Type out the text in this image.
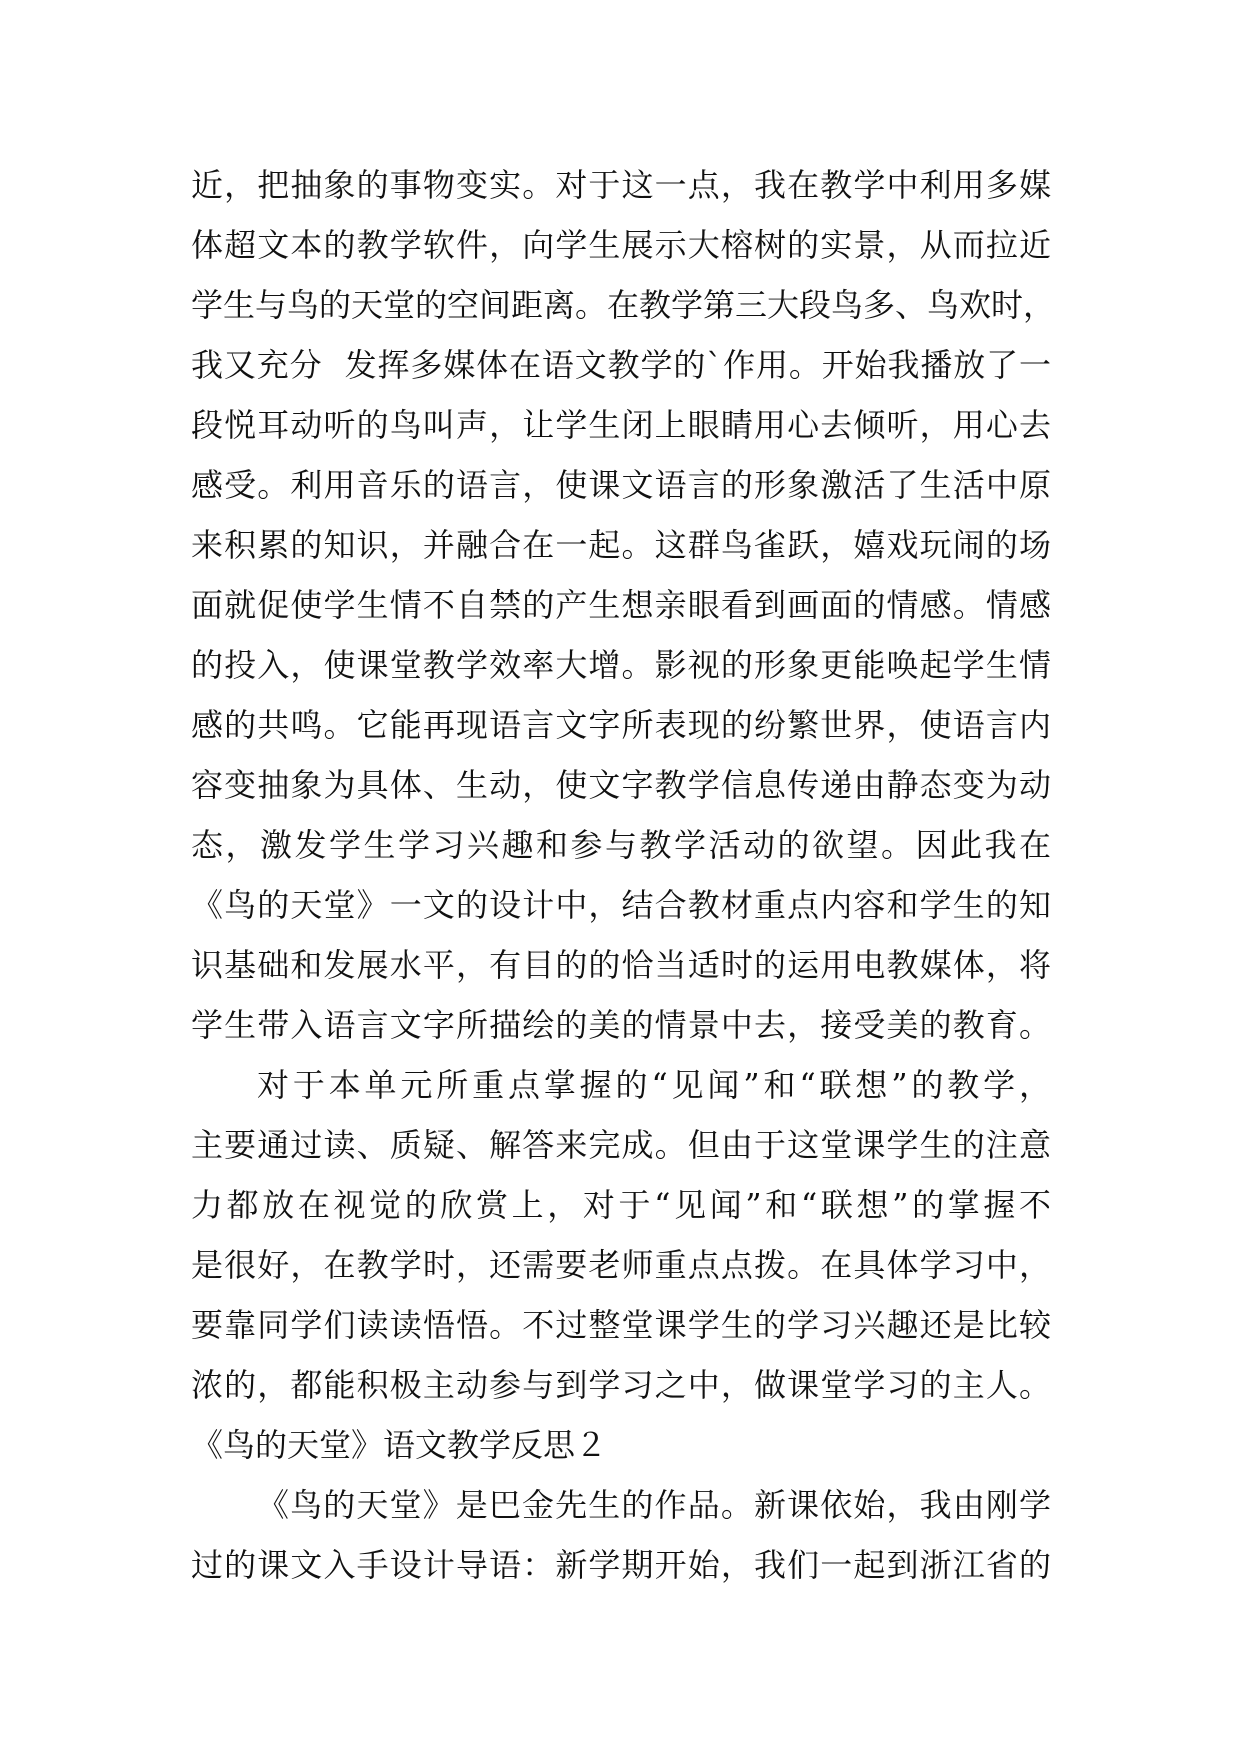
近，把抽象的事物变实。对于这一点，我在教学中利用多媒
体超文本的教学软件，向学生展示大榕树的实景，从而拉近
学生与鸟的天堂的空间距离。在教学第三大段鸟多、鸟欢时，
我又充分  发挥多媒体在语文教学的`作用。开始我播放了一
段悦耳动听的鸟叫声，让学生闭上眼睛用心去倾听，用心去
感受。利用音乐的语言，使课文语言的形象激活了生活中原
来积累的知识，并融合在一起。这群鸟雀跃，嬉戏玩闹的场
面就促使学生情不自禁的产生想亲眼看到画面的情感。情感
的投入，使课堂教学效率大增。影视的形象更能唤起学生情
感的共鸣。它能再现语言文字所表现的纷繁世界，使语言内
容变抽象为具体、生动，使文字教学信息传递由静态变为动
态，激发学生学习兴趣和参与教学活动的欲望。因此我在
《鸟的天堂》一文的设计中，结合教材重点内容和学生的知
识基础和发展水平，有目的的恰当适时的运用电教媒体，将
学生带入语言文字所描绘的美的情景中去，接受美的教育。
对于本单元所重点掌握的“见闻”和“联想”的教学，
主要通过读、质疑、解答来完成。但由于这堂课学生的注意
力都放在视觉的欣赏上，对于“见闻”和“联想”的掌握不
是很好，在教学时，还需要老师重点点拨。在具体学习中，
要靠同学们读读悟悟。不过整堂课学生的学习兴趣还是比较
浓的，都能积极主动参与到学习之中，做课堂学习的主人。
《鸟的天堂》语文教学反思２
《鸟的天堂》是巴金先生的作品。新课依始，我由刚学
过的课文入手设计导语：新学期开始，我们一起到浙江省的
